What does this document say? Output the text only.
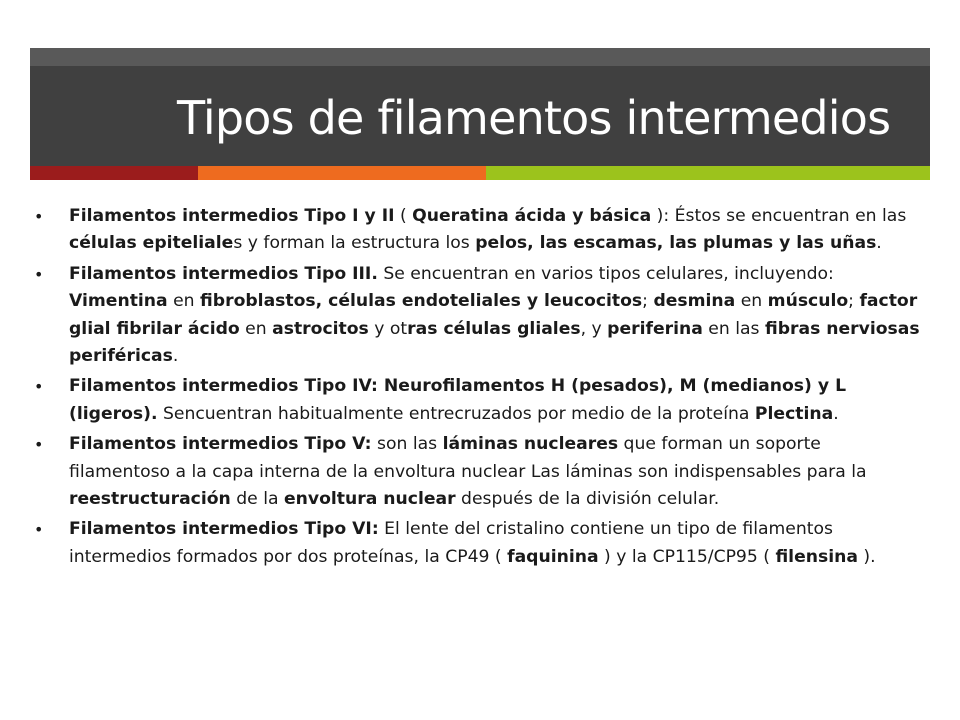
Tipos de filamentos intermedios
• Filamentos intermedios Tipo I y II ( Queratina ácida y básica ): Éstos se encuentran en las células epiteliales y forman la estructura los pelos, las escamas, las plumas y las uñas.
• Filamentos intermedios Tipo III. Se encuentran en varios tipos celulares, incluyendo: Vimentina en fibroblastos, células endoteliales y leucocitos; desmina en músculo; factor glial fibrilar ácido en astrocitos y otras células gliales, y periferina en las fibras nerviosas periféricas.
• Filamentos intermedios Tipo IV: Neurofilamentos H (pesados), M (medianos) y L (ligeros). Sencuentran habitualmente entrecruzados por medio de la proteína Plectina.
• Filamentos intermedios Tipo V: son las láminas nucleares que forman un soporte filamentoso a la capa interna de la envoltura nuclear Las láminas son indispensables para la reestructuración de la envoltura nuclear después de la división celular.
• Filamentos intermedios Tipo VI: El lente del cristalino contiene un tipo de filamentos intermedios formados por dos proteínas, la CP49 ( faquinina ) y la CP115/CP95 ( filensina ).
